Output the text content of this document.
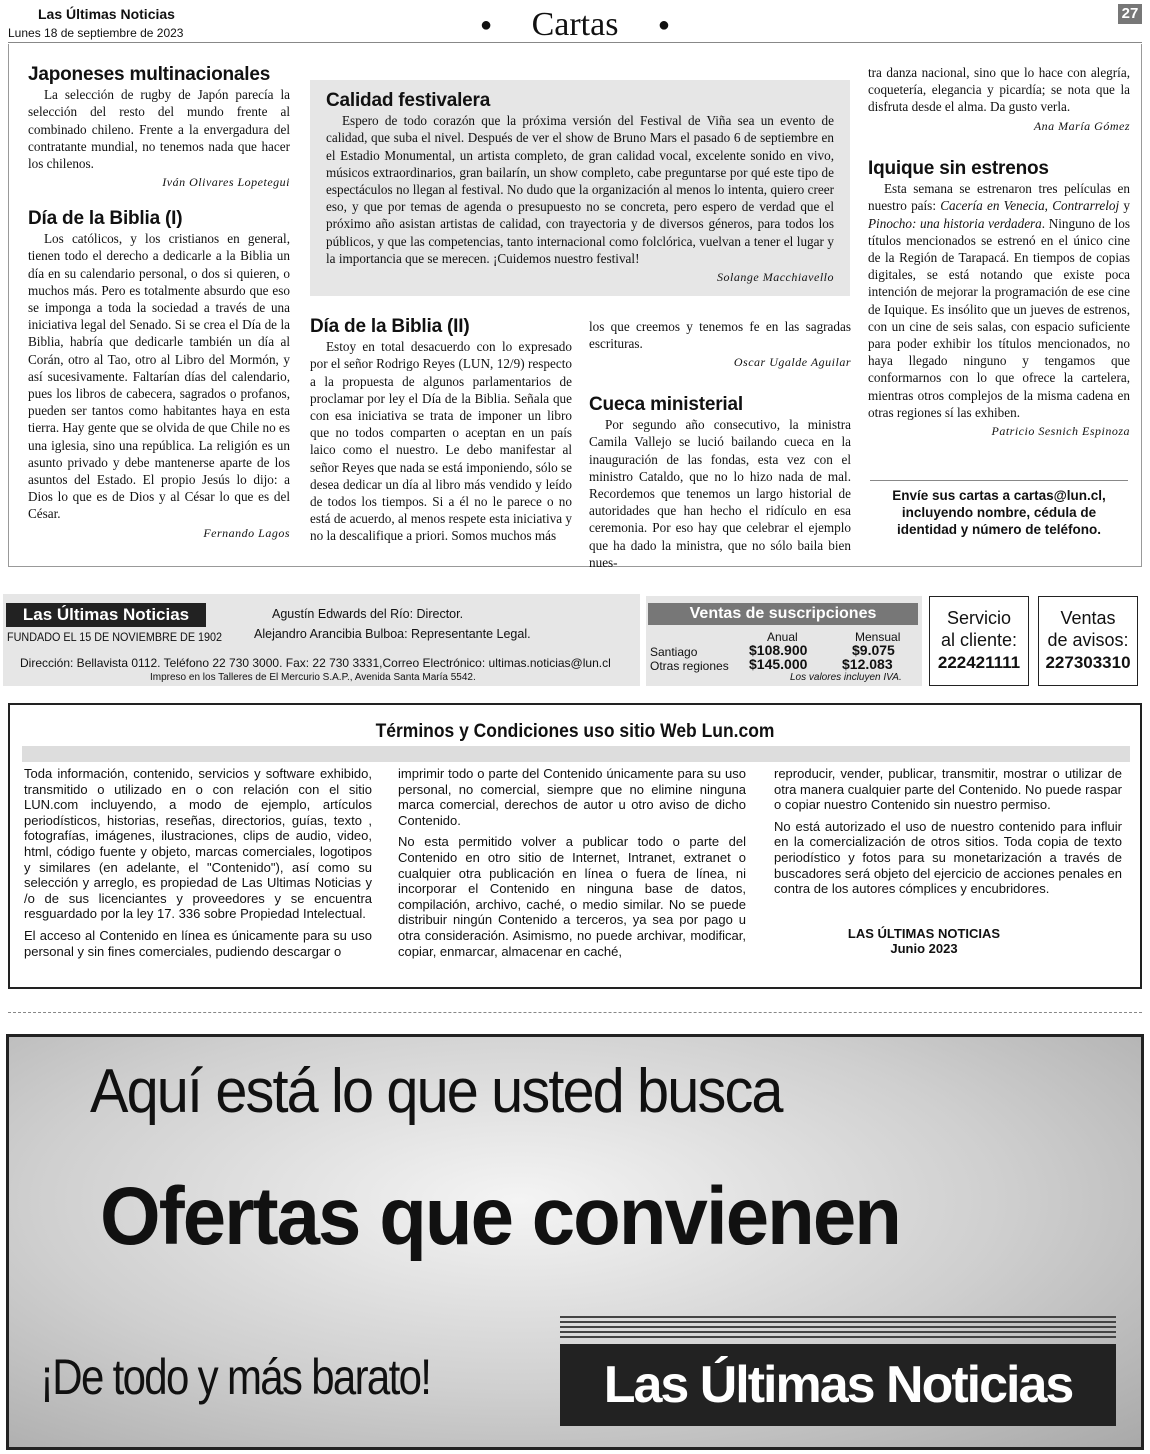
Las Últimas Noticias
Lunes 18 de septiembre de 2023	● Cartas ●	27
Japoneses multinacionales

La selección de rugby de Japón parecía la selección del resto del mundo frente al combinado chileno. Frente a la envergadura del contratante mundial, no tenemos nada que hacer los chilenos.

Iván Olivares Lopetegui
Día de la Biblia (I)

Los católicos, y los cristianos en general, tienen todo el derecho a dedicarle a la Biblia un día en su calendario personal, o dos si quieren, o muchos más. Pero es totalmente absurdo que eso se imponga a toda la sociedad a través de una iniciativa legal del Senado. Si se crea el Día de la Biblia, habría que dedicarle también un día al Corán, otro al Tao, otro al Libro del Mormón, y así sucesivamente. Faltarían días del calendario, pues los libros de cabecera, sagrados o profanos, pueden ser tantos como habitantes haya en esta tierra. Hay gente que se olvida de que Chile no es una iglesia, sino una república. La religión es un asunto privado y debe mantenerse aparte de los asuntos del Estado. El propio Jesús lo dijo: a Dios lo que es de Dios y al César lo que es del César.

Fernando Lagos
Calidad festivalera

Espero de todo corazón que la próxima versión del Festival de Viña sea un evento de calidad, que suba el nivel. Después de ver el show de Bruno Mars el pasado 6 de septiembre en el Estadio Monumental, un artista completo, de gran calidad vocal, excelente sonido en vivo, músicos extraordinarios, gran bailarín, un show completo, cabe preguntarse por qué este tipo de espectáculos no llegan al festival. No dudo que la organización al menos lo intenta, quiero creer eso, y que por temas de agenda o presupuesto no se concreta, pero espero de verdad que el próximo año asistan artistas de calidad, con trayectoria y de diversos géneros, para todos los públicos, y que las competencias, tanto internacional como folclórica, vuelvan a tener el lugar y la importancia que se merecen. ¡Cuidemos nuestro festival!

Solange Macchiavello
Día de la Biblia (II)

Estoy en total desacuerdo con lo expresado por el señor Rodrigo Reyes (LUN, 12/9) respecto a la propuesta de algunos parlamentarios de proclamar por ley el Día de la Biblia. Señala que con esa iniciativa se trata de imponer un libro que no todos comparten o aceptan en un país laico como el nuestro. Le debo manifestar al señor Reyes que nada se está imponiendo, sólo se desea dedicar un día al libro más vendido y leído de todos los tiempos. Si a él no le parece o no está de acuerdo, al menos respete esta iniciativa y no la descalifique a priori. Somos muchos más

los que creemos y tenemos fe en las sagradas escrituras.
Oscar Ugalde Aguilar
Cueca ministerial

Por segundo año consecutivo, la ministra Camila Vallejo se lució bailando cueca en la inauguración de las fondas, esta vez con el ministro Cataldo, que no lo hizo nada de mal. Recordemos que tenemos un largo historial de autoridades que han hecho el ridículo en esa ceremonia. Por eso hay que celebrar el ejemplo que ha dado la ministra, que no sólo baila bien nues-

tra danza nacional, sino que lo hace con alegría, coquetería, elegancia y picardía; se nota que la disfruta desde el alma. Da gusto verla.
Ana María Gómez
Iquique sin estrenos

Esta semana se estrenaron tres películas en nuestro país: Cacería en Venecia, Contrarreloj y Pinocho: una historia verdadera. Ninguno de los títulos mencionados se estrenó en el único cine de la Región de Tarapacá. En tiempos de copias digitales, se está notando que existe poca intención de mejorar la programación de ese cine de Iquique. Es insólito que un jueves de estrenos, con un cine de seis salas, con espacio suficiente para poder exhibir los títulos mencionados, no haya llegado ninguno y tengamos que conformarnos con lo que ofrece la cartelera, mientras otros complejos de la misma cadena en otras regiones sí las exhiben.

Patricio Sesnich Espinoza
Envíe sus cartas a cartas@lun.cl, incluyendo nombre, cédula de identidad y número de teléfono.
Las Últimas Noticias
FUNDADO EL 15 DE NOVIEMBRE DE 1902
Agustín Edwards del Río: Director.
Alejandro Arancibia Bulboa: Representante Legal.
Dirección: Bellavista 0112. Teléfono 22 730 3000. Fax: 22 730 3331,Correo Electrónico: ultimas.noticias@lun.cl
Impreso en los Talleres de El Mercurio S.A.P., Avenida Santa María 5542.
Ventas de suscripciones
Anual	Mensual
Santiago	$108.900	$9.075
Otras regiones $145.000 $12.083
Los valores incluyen IVA.
Servicio
al cliente:
222421111
Ventas
de avisos:
227303310
Términos y Condiciones uso sitio Web Lun.com

Toda información, contenido, servicios y software exhibido, transmitido o utilizado en o con relación con el sitio LUN.com incluyendo, a modo de ejemplo, artículos periodísticos, historias, reseñas, directorios, guías, texto , fotografías, imágenes, ilustraciones, clips de audio, video, html, código fuente y objeto, marcas comerciales, logotipos y similares (en adelante, el "Contenido"), así como su selección y arreglo, es propiedad de Las Ultimas Noticias y /o de sus licenciantes y proveedores y se encuentra resguardado por la ley 17. 336 sobre Propiedad Intelectual.

El acceso al Contenido en línea es únicamente para su uso personal y sin fines comerciales, pudiendo descargar o

imprimir todo o parte del Contenido únicamente para su uso personal, no comercial, siempre que no elimine ninguna marca comercial, derechos de autor u otro aviso de dicho Contenido.

No esta permitido volver a publicar todo o parte del Contenido en otro sitio de Internet, Intranet, extranet o cualquier otra publicación en línea o fuera de línea, ni incorporar el Contenido en ninguna base de datos, compilación, archivo, caché, o medio similar. No se puede distribuir ningún Contenido a terceros, ya sea por pago u otra consideración. Asimismo, no puede archivar, modificar, copiar, enmarcar, almacenar en caché,

reproducir, vender, publicar, transmitir, mostrar o utilizar de otra manera cualquier parte del Contenido. No puede raspar o copiar nuestro Contenido sin nuestro permiso.

No está autorizado el uso de nuestro contenido para influir en la comercialización de otros sitios. Toda copia de texto periodístico y fotos para su monetarización a través de buscadores será objeto del ejercicio de acciones penales en contra de los autores cómplices y encubridores.

LAS ÚLTIMAS NOTICIAS
Junio 2023
Aquí está lo que usted busca
Ofertas que convienen
¡De todo y más barato!	Las Últimas Noticias
